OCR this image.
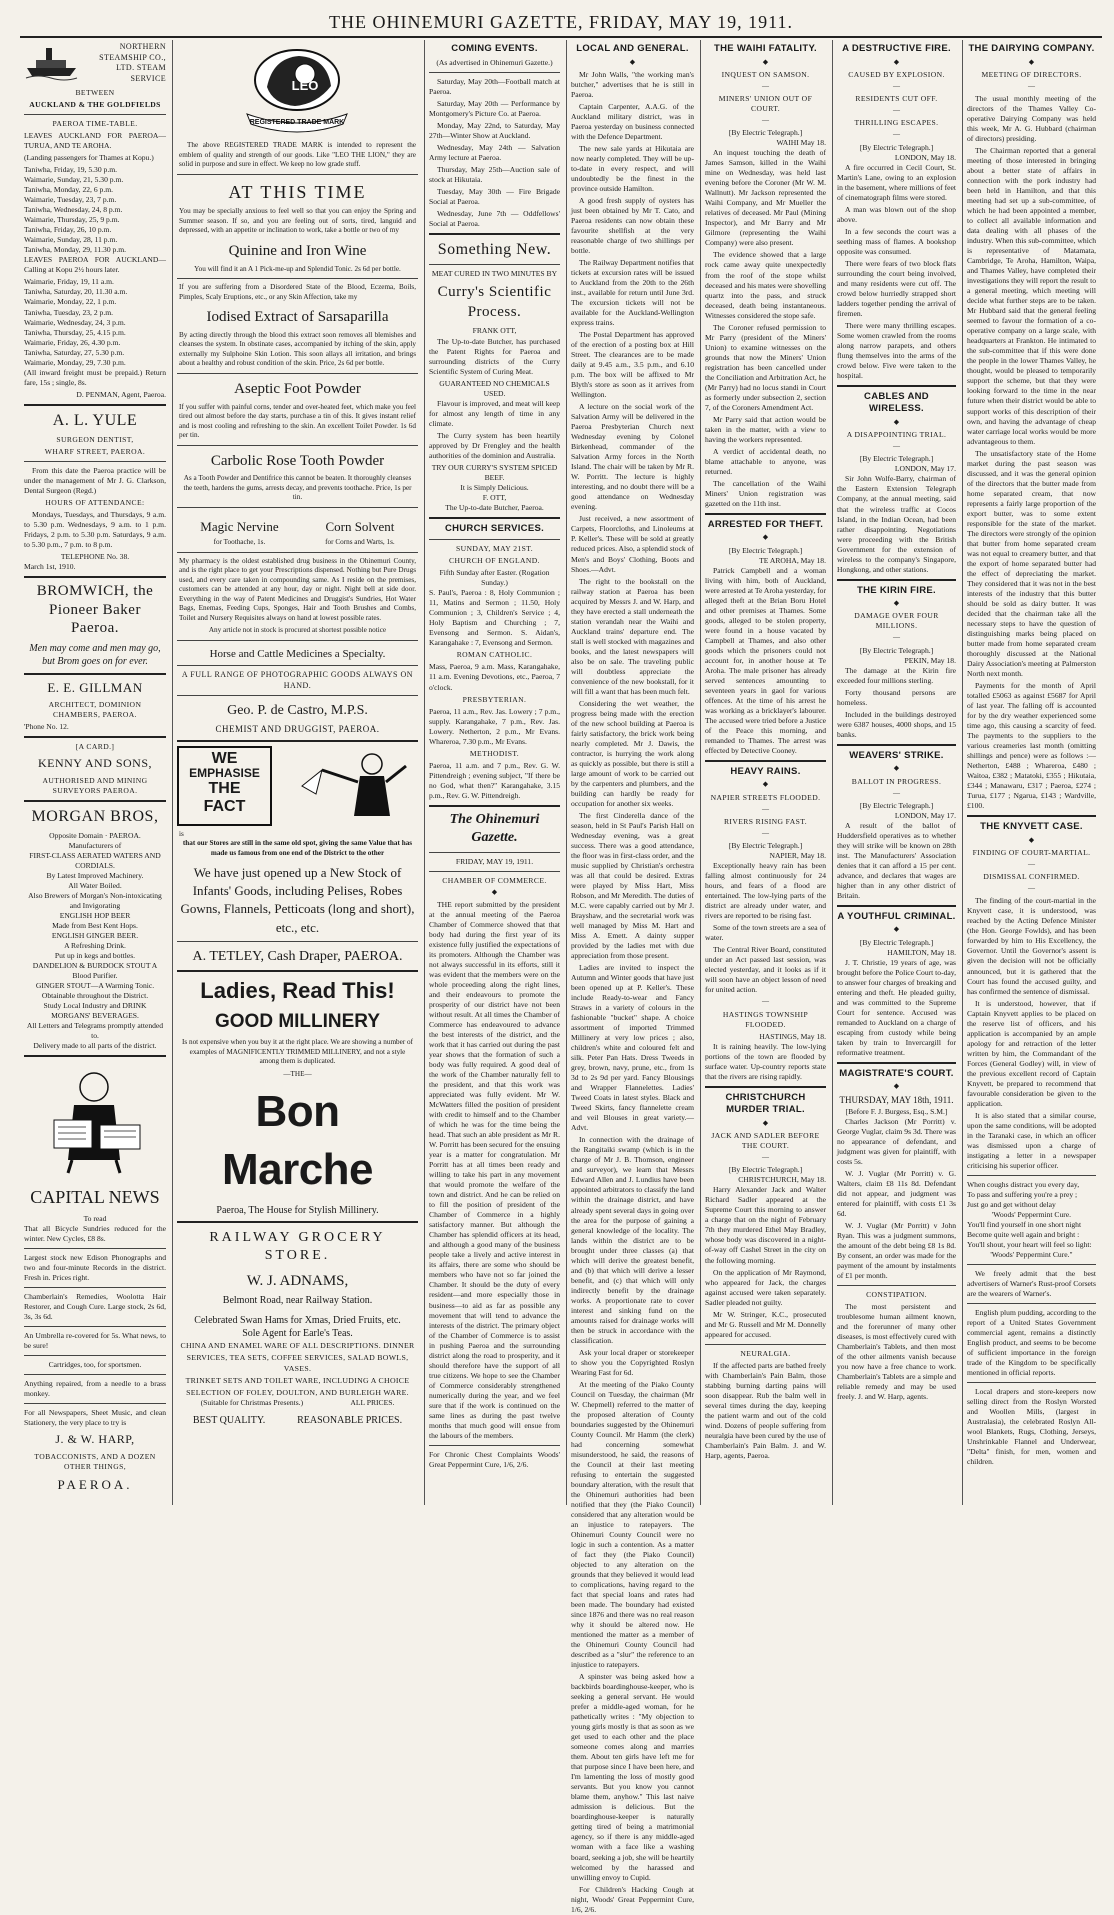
THE OHINEMURI GAZETTE, FRIDAY, MAY 19, 1911.
NORTHERN STEAMSHIP CO., LTD. STEAM SERVICE
BETWEEN
AUCKLAND & THE GOLDFIELDS
PAEROA TIME-TABLE.

LEAVES AUCKLAND FOR PAEROA— TURUA, AND TE AROHA.

(Landing passengers for Thames at Kopu.)

Taniwha, Friday, 19, 5.30 p.m.
Waimarie, Sunday, 21, 5.30 p.m.
Taniwha, Monday, 22, 6 p.m.
Waimarie, Tuesday, 23, 7 p.m.
Taniwha, Wednesday, 24, 8 p.m.
Waimarie, Thursday, 25, 9 p.m.
Taniwha, Friday, 26, 10 p.m.
Waimarie, Sunday, 28, 11 p.m.
Taniwha, Monday, 29, 11.30 p.m.

LEAVES PAEROA FOR AUCKLAND— Calling at Kopu 2½ hours later.

Waimarie, Friday, 19, 11 a.m.
Taniwha, Saturday, 20, 11.30 a.m.
Waimarie, Monday, 22, 1 p.m.
Taniwha, Tuesday, 23, 2 p.m.
Waimarie, Wednesday, 24, 3 p.m.
Taniwha, Thursday, 25, 4.15 p.m.
Waimarie, Friday, 26, 4.30 p.m.
Taniwha, Saturday, 27, 5.30 p.m.
Waimarie, Monday, 29, 7.30 p.m.

(All inward freight must be prepaid.) Return fare, 15s ; single, 8s.

D. PENMAN, Agent, Paeroa.
A. L. YULE
SURGEON DENTIST,
WHARF STREET, PAEROA.

From this date the Paeroa practice will be under the management of Mr J. G. Clarkson, Dental Surgeon (Regd.)

HOURS OF ATTENDANCE:

Mondays, Tuesdays, and Thursdays, 9 a.m. to 5.30 p.m. Wednesdays, 9 a.m. to 1 p.m. Fridays, 2 p.m. to 5.30 p.m. Saturdays, 9 a.m. to 5.30 p.m., 7 p.m. to 8 p.m.

TELEPHONE No. 38.
March 1st, 1910.
BROMWICH, the Pioneer Baker Paeroa.
Men may come and men may go, but Brom goes on for ever.
E. E. GILLMAN
ARCHITECT, DOMINION CHAMBERS, PAEROA.
'Phone No. 12.
[A CARD.]
KENNY AND SONS,
AUTHORISED AND MINING SURVEYORS PAEROA.
MORGAN BROS,
Opposite Domain · PAEROA.
Manufacturers of
FIRST-CLASS AERATED WATERS AND CORDIALS.
By Latest Improved Machinery.
All Water Boiled.
Also Brewers of Morgan's Non-intoxicating and Invigorating
ENGLISH HOP BEER
Made from Best Kent Hops.
ENGLISH GINGER BEER.
A Refreshing Drink.
Put up in kegs and bottles.
DANDELION & BURDOCK STOUT A Blood Purifier.
GINGER STOUT—A Warming Tonic.
Obtainable throughout the District.
Study Local Industry and DRINK MORGANS' BEVERAGES.
All Letters and Telegrams promptly attended to.
Delivery made to all parts of the district.
CAPITAL NEWS
To read

That all Bicycle Sundries reduced for the winter. New Cycles, £8 8s.

Largest stock new Edison Phonographs and two and four-minute Records in the district. Fresh in. Prices right.

Chamberlain's Remedies, Woolotta Hair Restorer, and Cough Cure. Large stock, 2s 6d, 3s, 3s 6d.

An Umbrella re-covered for 5s. What news, to be sure!

Cartridges, too, for sportsmen.

Anything repaired, from a needle to a brass monkey.

For all Newspapers, Sheet Music, and clean Stationery, the very place to try is

J. & W. HARP,
TOBACCONISTS, AND A DOZEN OTHER THINGS,
PAEROA.
LEO
REGISTERED TRADE MARK

The above REGISTERED TRADE MARK is intended to represent the emblem of quality and strength of our goods. Like "LEO THE LION," they are solid in purpose and sure in effect. We keep no low grade stuff.

AT THIS TIME

You may be specially anxious to feel well so that you can enjoy the Spring and Summer season. If so, and you are feeling out of sorts, tired, languid and depressed, with an appetite or inclination to work, take a bottle or two of my

Quinine and Iron Wine
You will find it an A 1 Pick-me-up and Splendid Tonic. 2s 6d per bottle.

If you are suffering from a Disordered State of the Blood, Eczema, Boils, Pimples, Scaly Eruptions, etc., or any Skin Affection, take my

Iodised Extract of Sarsaparilla

By acting directly through the blood this extract soon removes all blemishes and cleanses the system. In obstinate cases, accompanied by itching of the skin, apply externally my Sulphoine Skin Lotion. This soon allays all irritation, and brings about a healthy and robust condition of the skin. Price, 2s 6d per bottle.

Aseptic Foot Powder

If you suffer with painful corns, tender and over-heated feet, which make you feel tired out almost before the day starts, purchase a tin of this. It gives instant relief and is most cooling and refreshing to the skin. An excellent Toilet Powder. 1s 6d per tin.

Carbolic Rose Tooth Powder

As a Tooth Powder and Dentifrice this cannot be beaten. It thoroughly cleanses the teeth, hardens the gums, arrests decay, and prevents toothache. Price, 1s per tin.

Magic Nervine
for Toothache, 1s.
Corn Solvent
for Corns and Warts, 1s.

My pharmacy is the oldest established drug business in the Ohinemuri County, and is the right place to get your Prescriptions dispensed. Nothing but Pure Drugs used, and every care taken in compounding same. As I reside on the premises, customers can be attended at any hour, day or night. Night bell at side door. Everything in the way of Patent Medicines and Druggist's Sundries, Hot Water Bags, Enemas, Feeding Cups, Sponges, Hair and Tooth Brushes and Combs, Toilet and Nursery Requisites always on hand at lowest possible rates.

Any article not in stock is procured at shortest possible notice
Horse and Cattle Medicines a Specialty.
A FULL RANGE OF PHOTOGRAPHIC GOODS ALWAYS ON HAND.
Geo. P. de Castro, M.P.S.
CHEMIST AND DRUGGIST, PAEROA.
WE
EMPHASISE
THE
FACT
is

that our Stores are still in the same old spot, giving the same Value that has made us famous from one end of the District to the other

We have just opened up a New Stock of Infants' Goods, including Pelises, Robes Gowns, Flannels, Petticoats (long and short), etc., etc.
A. TETLEY, Cash Draper, PAEROA.
Ladies, Read This!
GOOD MILLINERY

Is not expensive when you buy it at the right place. We are showing a number of examples of MAGNIFICENTLY TRIMMED MILLINERY, and not a style among them is duplicated.

—THE—
Bon Marche
Paeroa, The House for Stylish Millinery.
RAILWAY GROCERY STORE.
W. J. ADNAMS,
Belmont Road, near Railway Station.
Celebrated Swan Hams for Xmas, Dried Fruits, etc.
Sole Agent for Earle's Teas.
CHINA AND ENAMEL WARE OF ALL DESCRIPTIONS. DINNER SERVICES, TEA SETS, COFFEE SERVICES, SALAD BOWLS, VASES.
TRINKET SETS AND TOILET WARE, INCLUDING A CHOICE SELECTION OF FOLEY, DOULTON, AND BURLEIGH WARE.
(Suitable for Christmas Presents.)	ALL PRICES.
BEST QUALITY.	REASONABLE PRICES.
COMING EVENTS.
(As advertised in Ohinemuri Gazette.)

Saturday, May 20th—Football match at Paeroa.

Saturday, May 20th — Performance by Montgomery's Picture Co. at Paeroa.

Monday, May 22nd, to Saturday, May 27th—Winter Show at Auckland.

Wednesday, May 24th — Salvation Army lecture at Paeroa.

Thursday, May 25th—Auction sale of stock at Hikutaia.

Tuesday, May 30th — Fire Brigade Social at Paeroa.

Wednesday, June 7th — Oddfellows' Social at Paeroa.

Something New.
MEAT CURED IN TWO MINUTES BY
Curry's Scientific Process.
FRANK OTT,

The Up-to-date Butcher, has purchased the Patent Rights for Paeroa and surrounding districts of the Curry Scientific System of Curing Meat.

GUARANTEED NO CHEMICALS USED.

Flavour is improved, and meat will keep for almost any length of time in any climate.

The Curry system has been heartily approved by Dr Frengley and the health authorities of the dominion and Australia.

TRY OUR CURRY'S SYSTEM SPICED BEEF.
It is Simply Delicious.
F. OTT,
The Up-to-date Butcher, Paeroa.
CHURCH SERVICES.
SUNDAY, MAY 21ST.
CHURCH OF ENGLAND.
Fifth Sunday after Easter. (Rogation Sunday.)

S. Paul's, Paeroa : 8, Holy Communion ; 11, Matins and Sermon ; 11.50, Holy Communion ; 3, Children's Service ; 4, Holy Baptism and Churching ; 7, Evensong and Sermon. S. Aidan's, Karangahake : 7, Evensong and Sermon.

ROMAN CATHOLIC.

Mass, Paeroa, 9 a.m. Mass, Karangahake, 11 a.m. Evening Devotions, etc., Paeroa, 7 o'clock.

PRESBYTERIAN.

Paeroa, 11 a.m., Rev. Jas. Lowery ; 7 p.m., supply. Karangahake, 7 p.m., Rev. Jas. Lowery. Netherton, 2 p.m., Mr Evans. Whareroa, 7.30 p.m., Mr Evans.

METHODIST.

Paeroa, 11 a.m. and 7 p.m., Rev. G. W. Pittendreigh ; evening subject, "If there be no God, what then?" Karangahake, 3.15 p.m., Rev. G. W. Pittendreigh.

The Ohinemuri Gazette.
FRIDAY, MAY 19, 1911.
CHAMBER OF COMMERCE.
◆

THE report submitted by the president at the annual meeting of the Paeroa Chamber of Commerce showed that that body had during the first year of its existence fully justified the expectations of its promoters. Although the Chamber was not always successful in its efforts, still it was evident that the members were on the whole proceeding along the right lines, and their endeavours to promote the prosperity of our district have not been without result. At all times the Chamber of Commerce has endeavoured to advance the best interests of the district, and the work that it has carried out during the past year shows that the formation of such a body was fully required. A good deal of the work of the Chamber naturally fell to the president, and that this work was appreciated was fully evident. Mr W. McWatters filled the position of president with credit to himself and to the Chamber of which he was for the time being the head. That such an able president as Mr R. W. Porritt has been secured for the ensuing year is a matter for congratulation. Mr Porritt has at all times been ready and willing to take his part in any movement that would promote the welfare of the town and district. And he can be relied on to fill the position of president of the Chamber of Commerce in a highly satisfactory manner. But although the Chamber has splendid officers at its head, and although a good many of the business people take a lively and active interest in its affairs, there are some who should be members who have not so far joined the Chamber. It should be the duty of every resident—and more especially those in business—to aid as far as possible any movement that will tend to advance the interests of the district. The primary object of the Chamber of Commerce is to assist in pushing Paeroa and the surrounding district along the road to prosperity, and it should therefore have the support of all true citizens. We hope to see the Chamber of Commerce considerably strengthened numerically during the year, and we feel sure that if the work is continued on the same lines as during the past twelve months that much good will ensue from the labours of the members.

For Chronic Chest Complaints Woods' Great Peppermint Cure, 1/6, 2/6.

LOCAL AND GENERAL.
◆

Mr John Walls, "the working man's butcher," advertises that he is still in Paeroa.

Captain Carpenter, A.A.G. of the Auckland military district, was in Paeroa yesterday on business connected with the Defence Department.

The new sale yards at Hikutaia are now nearly completed. They will be up-to-date in every respect, and will undoubtedly be the finest in the province outside Hamilton.

A good fresh supply of oysters has just been obtained by Mr T. Cato, and Paeroa residents can now obtain these favourite shellfish at the very reasonable charge of two shillings per bottle.

The Railway Department notifies that tickets at excursion rates will be issued to Auckland from the 20th to the 26th inst., available for return until June 3rd. The excursion tickets will not be available for the Auckland-Wellington express trains.

The Postal Department has approved of the erection of a posting box at Hill Street. The clearances are to be made daily at 9.45 a.m., 3.5 p.m., and 6.10 p.m. The box will be affixed to Mr Blyth's store as soon as it arrives from Wellington.

A lecture on the social work of the Salvation Army will be delivered in the Paeroa Presbyterian Church next Wednesday evening by Colonel Birkenhead, commander of the Salvation Army forces in the North Island. The chair will be taken by Mr R. W. Porritt. The lecture is highly interesting, and no doubt there will be a good attendance on Wednesday evening.

Just received, a new assortment of Carpets, Floorcloths, and Linoleums at P. Keller's. These will be sold at greatly reduced prices. Also, a splendid stock of Men's and Boys' Clothing, Boots and Shoes.—Advt.

The right to the bookstall on the railway station at Paeroa has been acquired by Messrs J. and W. Harp, and they have erected a stall underneath the station verandah near the Waihi and Auckland trains' departure end. The stall is well stocked with magazines and books, and the latest newspapers will also be on sale. The traveling public will doubtless appreciate the convenience of the new bookstall, for it will fill a want that has been much felt.

Considering the wet weather, the progress being made with the erection of the new school building at Paeroa is fairly satisfactory, the brick work being nearly completed. Mr J. Dawis, the contractor, is hurrying the work along as quickly as possible, but there is still a large amount of work to be carried out by the carpenters and plumbers, and the building can hardly be ready for occupation for another six weeks.

The first Cinderella dance of the season, held in St Paul's Parish Hall on Wednesday evening, was a great success. There was a good attendance, the floor was in first-class order, and the music supplied by Christian's orchestra was all that could be desired. Extras were played by Miss Hart, Miss Robson, and Mr Meredith. The duties of M.C. were capably carried out by Mr J. Brayshaw, and the secretarial work was well managed by Miss M. Hart and Miss A. Emett. A dainty supper provided by the ladies met with due appreciation from those present.

Ladies are invited to inspect the Autumn and Winter goods that have just been opened up at P. Keller's. These include Ready-to-wear and Fancy Straws in a variety of colours in the fashionable "bucket" shape. A choice assortment of imported Trimmed Millinery at very low prices ; also, children's white and coloured felt and silk. Peter Pan Hats. Dress Tweeds in grey, brown, navy, prune, etc., from 1s 3d to 2s 9d per yard. Fancy Blousings and Wrapper Flannelettes. Ladies' Tweed Coats in latest styles. Black and Tweed Skirts, fancy flannelette cream and veil Blouses in great variety.—Advt.

In connection with the drainage of the Rangitaiki swamp (which is in the charge of Mr J. B. Thomson, engineer and surveyor), we learn that Messrs Edward Allen and J. Lundius have been appointed arbitrators to classify the land within the drainage district, and have already spent several days in going over the area for the purpose of gaining a general knowledge of the locality. The lands within the district are to be brought under three classes (a) that which will derive the greatest benefit, and (b) that which will derive a lesser benefit, and (c) that which will only indirectly benefit by the drainage works. A proportionate rate to cover interest and sinking fund on the amounts raised for drainage works will then be struck in accordance with the classification.

Ask your local draper or storekeeper to show you the Copyrighted Roslyn Wearing Fast for 6d.

At the meeting of the Piako County Council on Tuesday, the chairman (Mr W. Chepmell) referred to the matter of the proposed alteration of County boundaries suggested by the Ohinemuri County Council. Mr Hamm (the clerk) had concerning somewhat misunderstood, he said, the reasons of the Council at their last meeting refusing to entertain the suggested boundary alteration, with the result that the Ohinemuri authorities had been notified that they (the Piako Council) considered that any alteration would be an injustice to ratepayers. The Ohinemuri County Council were no logic in such a contention. As a matter of fact they (the Piako Council) objected to any alteration on the grounds that they believed it would lead to complications, having regard to the fact that special loans and rates had been made. The boundary had existed since 1876 and there was no real reason why it should be altered now. He mentioned the matter as a member of the Ohinemuri County Council had described as a "slur" the reference to an injustice to ratepayers.

A spinster was being asked how a backbirds boardinghouse-keeper, who is seeking a general servant. He would prefer a middle-aged woman, for he pathetically writes : "My objection to young girls mostly is that as soon as we get used to each other and the place someone comes along and marries them. About ten girls have left me for that purpose since I have been here, and I'm lamenting the loss of mostly good servants. But you know you cannot blame them, anyhow." This last naive admission is delicious. But the boardinghouse-keeper is naturally getting tired of being a matrimonial agency, so if there is any middle-aged woman with a face like a washing board, seeking a job, she will be heartily welcomed by the harassed and unwilling envoy to Cupid.

For Children's Hacking Cough at night, Woods' Great Peppermint Cure, 1/6, 2/6.

THE WAIHI FATALITY.
◆
INQUEST ON SAMSON.
—
MINERS' UNION OUT OF COURT.
—
[By Electric Telegraph.]
WAIHI May 18.

An inquest touching the death of James Samson, killed in the Waihi mine on Wednesday, was held last evening before the Coroner (Mr W. M. Wallnutt). Mr Jackson represented the Waihi Company, and Mr Mueller the relatives of deceased. Mr Paul (Mining Inspector), and Mr Barry and Mr Gilmore (representing the Waihi Company) were also present.

The evidence showed that a large rock came away quite unexpectedly from the roof of the stope whilst deceased and his mates were shovelling quartz into the pass, and struck deceased, death being instantaneous. Witnesses considered the stope safe.

The Coroner refused permission to Mr Parry (president of the Miners' Union) to examine witnesses on the grounds that now the Miners' Union registration has been cancelled under the Conciliation and Arbitration Act, he (Mr Parry) had no locus standi in Court as formerly under subsection 2, section 7, of the Coroners Amendment Act.

Mr Parry said that action would be taken in the matter, with a view to having the workers represented.

A verdict of accidental death, no blame attachable to anyone, was returned.

The cancellation of the Waihi Miners' Union registration was gazetted on the 11th inst.

ARRESTED FOR THEFT.
◆
[By Electric Telegraph.]
TE AROHA, May 18.

Patrick Campbell and a woman living with him, both of Auckland, were arrested at Te Aroha yesterday, for alleged theft at the Brian Boru Hotel and other premises at Thames. Some goods, alleged to be stolen property, were found in a house vacated by Campbell at Thames, and also other goods which the prisoners could not account for, in another house at Te Aroha. The male prisoner has already served sentences amounting to seventeen years in gaol for various offences. At the time of his arrest he was working as a bricklayer's labourer. The accused were tried before a Justice of the Peace this morning, and remanded to Thames. The arrest was effected by Detective Cooney.

HEAVY RAINS.
◆
NAPIER STREETS FLOODED.
—
RIVERS RISING FAST.
—
[By Electric Telegraph.]
NAPIER, May 18.

Exceptionally heavy rain has been falling almost continuously for 24 hours, and fears of a flood are entertained. The low-lying parts of the district are already under water, and rivers are reported to be rising fast.

Some of the town streets are a sea of water.

The Central River Board, constituted under an Act passed last session, was elected yesterday, and it looks as if it will soon have an object lesson of need for united action.

—
HASTINGS TOWNSHIP FLOODED.
HASTINGS, May 18.

It is raining heavily. The low-lying portions of the town are flooded by surface water. Up-country reports state that the rivers are rising rapidly.

CHRISTCHURCH MURDER TRIAL.
◆
JACK AND SADLER BEFORE THE COURT.
—
[By Electric Telegraph.]
CHRISTCHURCH, May 18.

Harry Alexander Jack and Walter Richard Sadler appeared at the Supreme Court this morning to answer a charge that on the night of February 7th they murdered Ethel May Bradley, whose body was discovered in a night-of-way off Cashel Street in the city on the following morning.

On the application of Mr Raymond, who appeared for Jack, the charges against accused were taken separately. Sadler pleaded not guilty.

Mr W. Stringer, K.C., prosecuted and Mr G. Russell and Mr M. Donnelly appeared for accused.

NEURALGIA.

If the affected parts are bathed freely with Chamberlain's Pain Balm, those stabbing burning darting pains will soon disappear. Rub the balm well in several times during the day, keeping the patient warm and out of the cold wind. Dozens of people suffering from neuralgia have been cured by the use of Chamberlain's Pain Balm. J. and W. Harp, agents, Paeroa.

A DESTRUCTIVE FIRE.
◆
CAUSED BY EXPLOSION.
—
RESIDENTS CUT OFF.
—
THRILLING ESCAPES.
—
[By Electric Telegraph.]
LONDON, May 18.

A fire occurred in Cecil Court, St. Martin's Lane, owing to an explosion in the basement, where millions of feet of cinematograph films were stored.

A man was blown out of the shop above.

In a few seconds the court was a seething mass of flames. A bookshop opposite was consumed.

There were fears of two block flats surrounding the court being involved, and many residents were cut off. The crowd below hurriedly strapped short ladders together pending the arrival of firemen.

There were many thrilling escapes. Some women crawled from the rooms along narrow parapets, and others flung themselves into the arms of the crowd below. Five were taken to the hospital.

CABLES AND WIRELESS.
◆
A DISAPPOINTING TRIAL.
—
[By Electric Telegraph.]
LONDON, May 17.

Sir John Wolfe-Barry, chairman of the Eastern Extension Telegraph Company, at the annual meeting, said that the wireless traffic at Cocos Island, in the Indian Ocean, had been rather disappointing. Negotiations were proceeding with the British Government for the extension of wireless to the company's Singapore, Hongkong, and other stations.

THE KIRIN FIRE.
◆
DAMAGE OVER FOUR MILLIONS.
—
[By Electric Telegraph.]
PEKIN, May 18.

The damage at the Kirin fire exceeded four millions sterling.

Forty thousand persons are homeless.

Included in the buildings destroyed were 6387 houses, 4000 shops, and 15 banks.

WEAVERS' STRIKE.
◆
BALLOT IN PROGRESS.
—
[By Electric Telegraph.]
LONDON, May 17.

A result of the ballot of Huddersfield operatives as to whether they will strike will be known on 28th inst. The Manufacturers' Association denies that it can afford a 15 per cent. advance, and declares that wages are higher than in any other district of Britain.

A YOUTHFUL CRIMINAL.
◆
[By Electric Telegraph.]
HAMILTON, May 18.

J. T. Christie, 19 years of age, was brought before the Police Court to-day, to answer four charges of breaking and entering and theft. He pleaded guilty, and was committed to the Supreme Court for sentence. Accused was remanded to Auckland on a charge of escaping from custody while being taken by train to Invercargill for reformative treatment.

MAGISTRATE'S COURT.
◆
THURSDAY, MAY 18th, 1911.
[Before F. J. Burgess, Esq., S.M.]

Charles Jackson (Mr Porritt) v. George Vuglar, claim 9s 3d. There was no appearance of defendant, and judgment was given for plaintiff, with costs 5s.

W. J. Vuglar (Mr Porritt) v. G. Walters, claim £8 11s 8d. Defendant did not appear, and judgment was entered for plaintiff, with costs £1 3s 6d.

W. J. Vuglar (Mr Porritt) v John Ryan. This was a judgment summons, the amount of the debt being £8 1s 8d. By consent, an order was made for the payment of the amount by instalments of £1 per month.

CONSTIPATION.

The most persistent and troublesome human ailment known, and the forerunner of many other diseases, is most effectively cured with Chamberlain's Tablets, and then most of the other ailments vanish because you now have a free chance to work. Chamberlain's Tablets are a simple and reliable remedy and may be used freely. J. and W. Harp, agents.

THE DAIRYING COMPANY.
◆
MEETING OF DIRECTORS.
—

The usual monthly meeting of the directors of the Thames Valley Co-operative Dairying Company was held this week, Mr A. G. Hubbard (chairman of directors) presiding.

The Chairman reported that a general meeting of those interested in bringing about a better state of affairs in connection with the pork industry had been held in Hamilton, and that this meeting had set up a sub-committee, of which he had been appointed a member, to collect all available information and data dealing with all phases of the industry. When this sub-committee, which is representative of Matamata, Cambridge, Te Aroha, Hamilton, Waipa, and Thames Valley, have completed their investigations they will report the result to a general meeting, which meeting will decide what further steps are to be taken. Mr Hubbard said that the general feeling seemed to favour the formation of a co-operative company on a large scale, with headquarters at Frankton. He intimated to the sub-committee that if this were done the people in the lower Thames Valley, he thought, would be pleased to temporarily support the scheme, but that they were looking forward to the time in the near future when their district would be able to support works of this description of their own, and having the advantage of cheap water carriage local works would be more advantageous to them.

The unsatisfactory state of the Home market during the past season was discussed, and it was the general opinion of the directors that the butter made from home separated cream, that now represents a fairly large proportion of the export butter, was to some extent responsible for the state of the market. The directors were strongly of the opinion that butter from home separated cream was not equal to creamery butter, and that the export of home separated butter had the effect of depreciating the market. They considered that it was not in the best interests of the industry that this butter should be sold as dairy butter. It was decided that the chairman take all the necessary steps to have the question of distinguishing marks being placed on butter made from home separated cream thoroughly discussed at the National Dairy Association's meeting at Palmerston North next month.

Payments for the month of April totalled £5063 as against £5687 for April of last year. The falling off is accounted for by the dry weather experienced some time ago, this causing a scarcity of feed. The payments to the suppliers to the various creameries last month (omitting shillings and pence) were as follows :—Netherton, £488 ; Whareroa, £480 ; Waitoa, £382 ; Matatoki, £355 ; Hikutaia, £344 ; Manawaru, £317 ; Paeroa, £274 ; Turua, £177 ; Ngarua, £143 ; Wardville, £100.

THE KNYVETT CASE.
◆
FINDING OF COURT-MARTIAL.
—
DISMISSAL CONFIRMED.
—

The finding of the court-martial in the Knyvett case, it is understood, was reached by the Acting Defence Minister (the Hon. George Fowlds), and has been forwarded by him to His Excellency, the Governor. Until the Governor's assent is given the decision will not be officially announced, but it is gathered that the Court has found the accused guilty, and has confirmed the sentence of dismissal.

It is understood, however, that if Captain Knyvett applies to be placed on the reserve list of officers, and his application is accompanied by an ample apology for and retraction of the letter written by him, the Commandant of the Forces (General Godley) will, in view of the previous excellent record of Captain Knyvett, be prepared to recommend that favourable consideration be given to the application.

It is also stated that a similar course, upon the same conditions, will be adopted in the Taranaki case, in which an officer was dismissed upon a charge of instigating a letter in a newspaper criticising his superior officer.

When coughs distract you every day,
To pass and suffering you're a prey ;
Just go and get without delay
'Woods' Peppermint Cure.
You'll find yourself in one short night
Become quite well again and bright :
You'll shout, your heart will feel so light:
'Woods' Peppermint Cure."

We freely admit that the best advertisers of Warner's Rust-proof Corsets are the wearers of Warner's.

English plum pudding, according to the report of a United States Government commercial agent, remains a distinctly English product, and seems to be become of sufficient importance in the foreign trade of the Kingdom to be specifically mentioned in official reports.

Local drapers and store-keepers now selling direct from the Roslyn Worsted and Woollen Mills, (largest in Australasia), the celebrated Roslyn All-wool Blankets, Rugs, Clothing, Jerseys, Unshrinkable Flannel and Underwear, "Delta" finish, for men, women and children.
